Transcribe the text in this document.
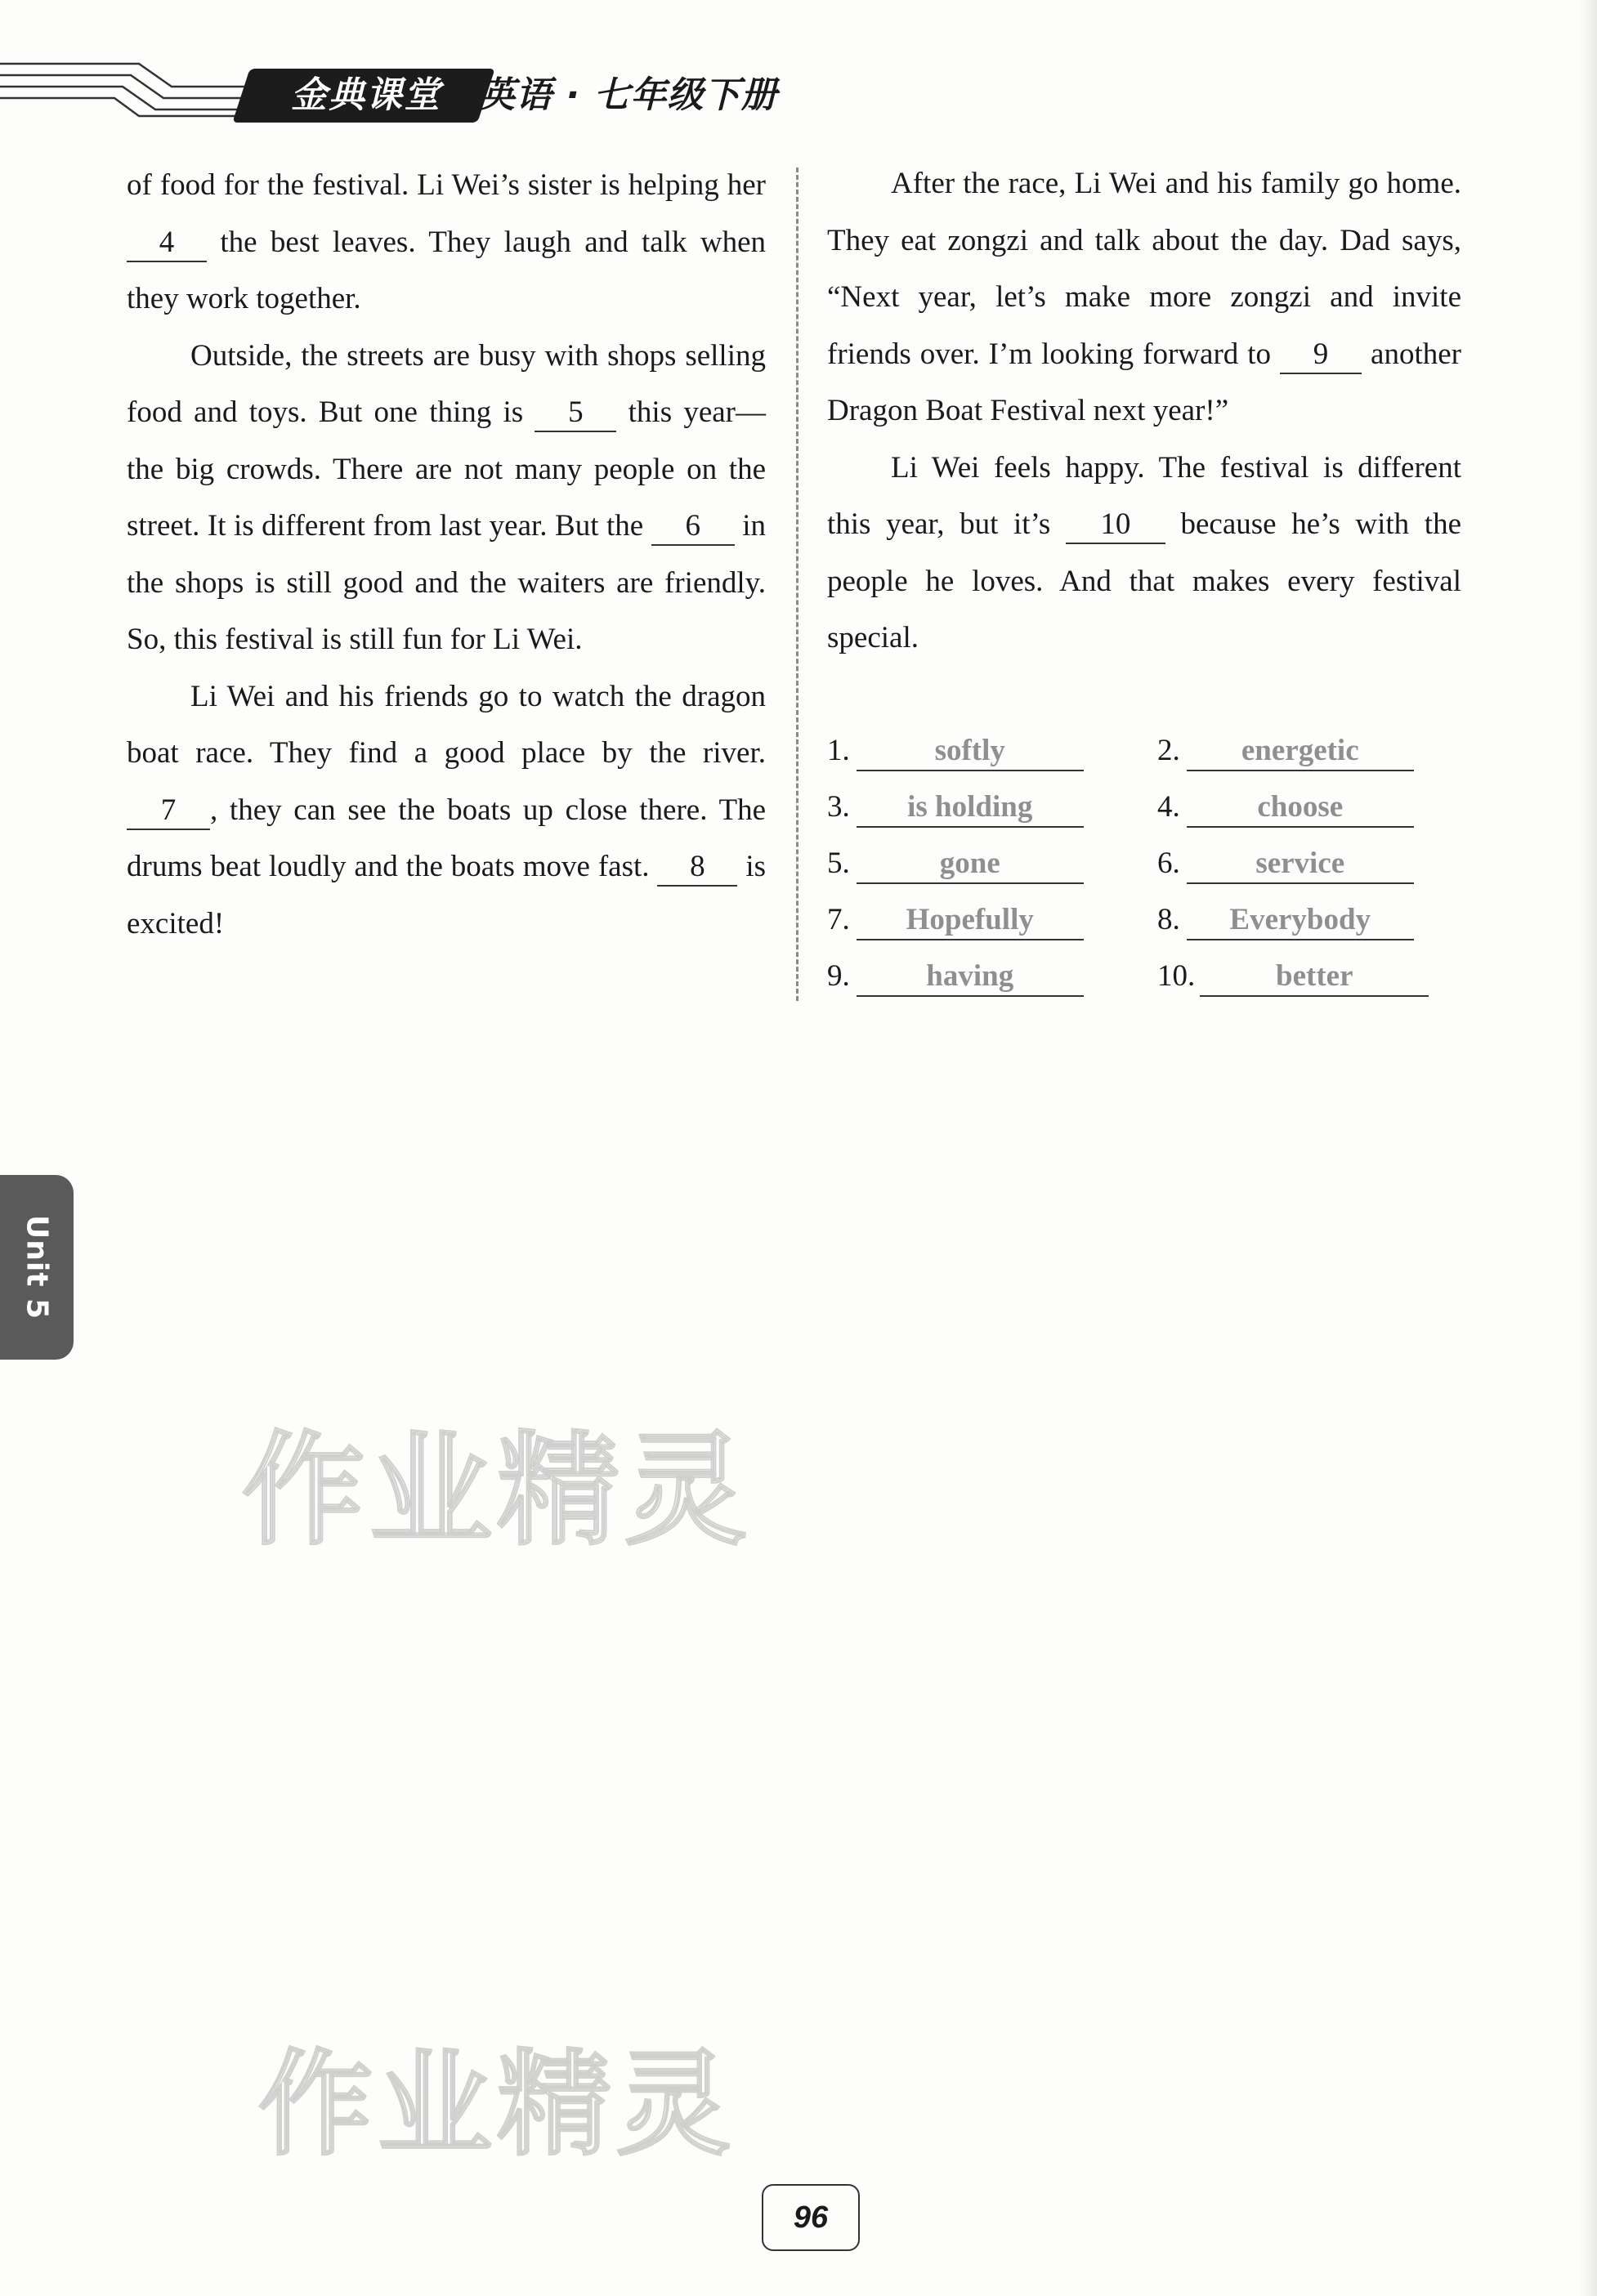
金典课堂	英语 · 七年级下册

of food for the festival. Li Wei’s sister is helping her 4 the best leaves. They laugh and talk when they work together.

Outside, the streets are busy with shops selling food and toys. But one thing is 5 this year—the big crowds. There are not many people on the street. It is different from last year. But the 6 in the shops is still good and the waiters are friendly. So, this festival is still fun for Li Wei.

Li Wei and his friends go to watch the dragon boat race. They find a good place by the river. 7 , they can see the boats up close there. The drums beat loudly and the boats move fast. 8 is excited!

After the race, Li Wei and his family go home. They eat zongzi and talk about the day. Dad says, “Next year, let’s make more zongzi and invite friends over. I’m looking forward to 9 another Dragon Boat Festival next year!”

Li Wei feels happy. The festival is different this year, but it’s 10 because he’s with the people he loves. And that makes every festival special.

1.	softly	2. energetic
3. is holding	4.	choose
5.	gone	6.	service
7. Hopefully	8. Everybody
9.	having	10.	better
Unit 5
作业精灵
作业精灵
96
